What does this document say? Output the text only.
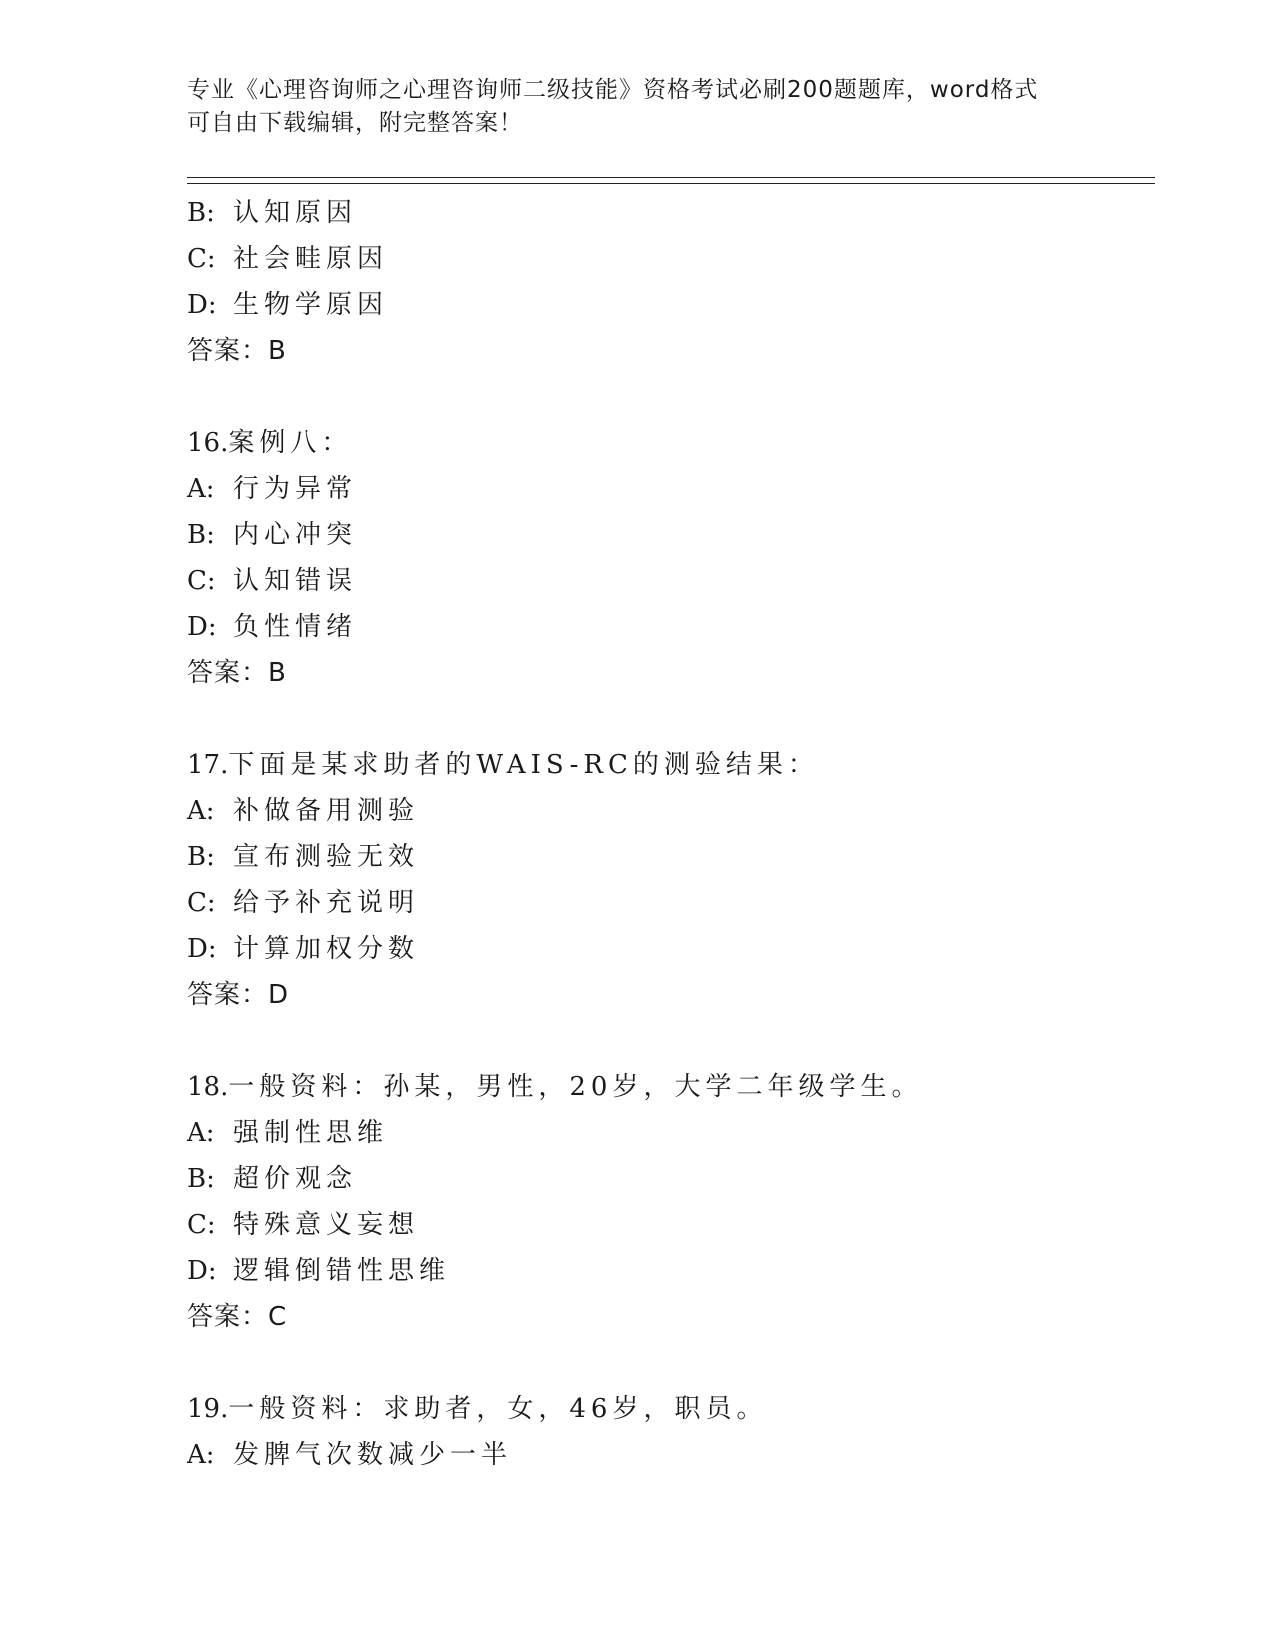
专业《心理咨询师之心理咨询师二级技能》资格考试必刷200题题库，word格式
可自由下载编辑，附完整答案！
B: 认知原因
C: 社会畦原因
D: 生物学原因
答案：B
16.案例八：
A: 行为异常
B: 内心冲突
C: 认知错误
D: 负性情绪
答案：B
17.下面是某求助者的WAIS-RC的测验结果：
A: 补做备用测验
B: 宣布测验无效
C: 给予补充说明
D: 计算加权分数
答案：D
18.一般资料：孙某，男性，20岁，大学二年级学生。
A: 强制性思维
B: 超价观念
C: 特殊意义妄想
D: 逻辑倒错性思维
答案：C
19.一般资料：求助者，女，46岁，职员。
A: 发脾气次数减少一半
